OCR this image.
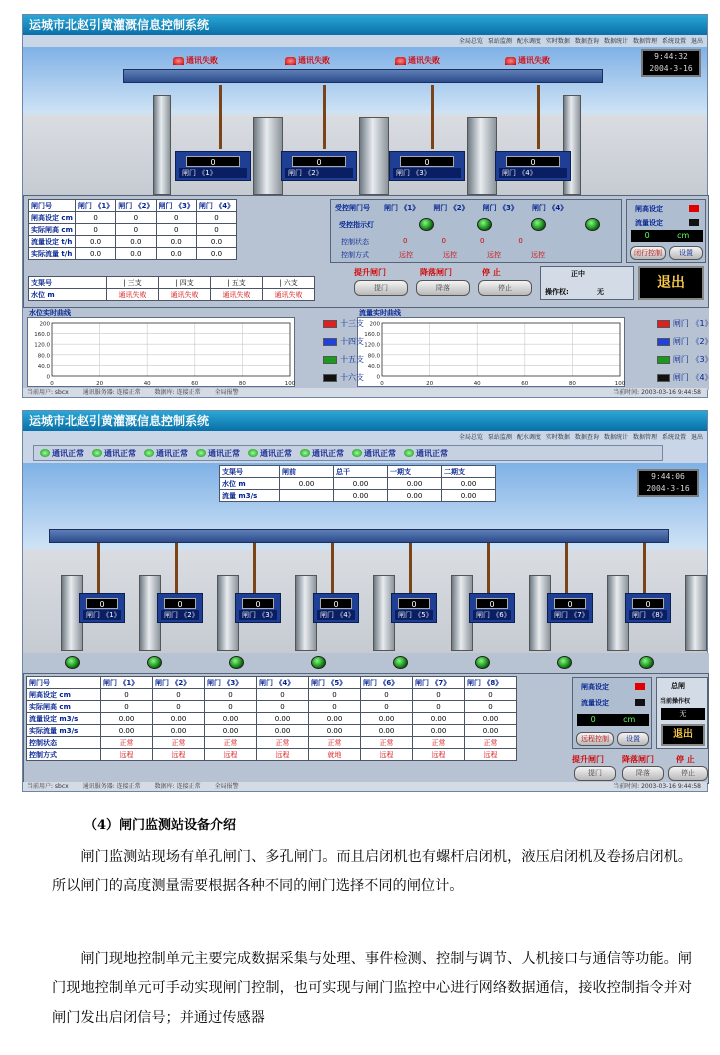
运城市北赵引黄灌溉信息控制系统
全局总览 泵站监测 配水调度 实时数据 数据查询 数据统计 数据管理 系统设置 退出
9:44:32
2004-3-16
通讯失败	通讯失败	通讯失败	通讯失败
0
闸门 《1》
0
闸门 《2》
0
闸门 《3》
0
闸门 《4》
闸门号	闸门 《1》	闸门 《2》	闸门 《3》	闸门 《4》
闸高设定 cm	0	0	0	0
实际闸高 cm	0	0	0	0
流量设定 t/h	0.0	0.0	0.0	0.0
实际流量 t/h	0.0	0.0	0.0	0.0
支渠号	| 三支	| 四支	| 五支	| 六支
水位 m	通讯失败	通讯失败	通讯失败	通讯失败
受控闸门号 闸门 《1》 闸门 《2》 闸门 《3》 闸门 《4》
受控指示灯
控制状态	0	0	0	0
控制方式	远控	远控	远控	远控
闸高设定
流量设定
0	cm
闭行控制	设置
提升闸门	降落闸门	停 止
提门	降落	停止
正中
操作权:	无
退出
水位实时曲线	流量实时曲线
200
160.0
120.0
80.0
40.0
0
0	20	40	60	80	100
200
160.0
120.0
80.0
40.0
0
0	20	40	60	80	100
十三支
十四支
十五支
十六支
闸门 《1》
闸门 《2》
闸门 《3》
闸门 《4》
当前用户: sbcx 通讯服务器: 连接正常 数据库: 连接正常 全局报警	当前时间: 2003-03-16 9:44:58
运城市北赵引黄灌溉信息控制系统
全局总览 泵站监测 配水调度 实时数据 数据查询 数据统计 数据管理 系统设置 退出
通讯正常	通讯正常	通讯正常	通讯正常	通讯正常	通讯正常	通讯正常	通讯正常
9:44:06
2004-3-16
支渠号	闸前	总干	一期支	二期支
水位 m	0.00	0.00	0.00	0.00
流量 m3/s		0.00	0.00	0.00
0
闸门 《1》
0
闸门 《2》
0
闸门 《3》
0
闸门 《4》
0
闸门 《5》
0
闸门 《6》
0
闸门 《7》
0
闸门 《8》
闸门号	闸门 《1》	闸门 《2》	闸门 《3》	闸门 《4》	闸门 《5》	闸门 《6》	闸门 《7》	闸门 《8》
闸高设定 cm	0	0	0	0	0	0	0	0
实际闸高 cm	0	0	0	0	0	0	0	0
流量设定 m3/s	0.00	0.00	0.00	0.00	0.00	0.00	0.00	0.00
实际流量 m3/s	0.00	0.00	0.00	0.00	0.00	0.00	0.00	0.00
控制状态	正常	正常	正常	正常	正常	正常	正常	正常
控制方式	远程	远程	远程	远程	就地	远程	远程	远程
闸高设定
流量设定
0	cm
远程控制	设置
总闸
当前操作权
无
退出
提升闸门 降落闸门	停 止
提门	降落	停止
当前用户: sbcx 通讯服务器: 连接正常 数据库: 连接正常 全局报警	当前时间: 2003-03-16 9:44:58
（4）闸门监测站设备介绍
闸门监测站现场有单孔闸门、多孔闸门。而且启闭机也有螺杆启闭机，液压启闭机及卷扬启闭机。所以闸门的高度测量需要根据各种不同的闸门选择不同的闸位计。
闸门现地控制单元主要完成数据采集与处理、事件检测、控制与调节、人机接口与通信等功能。闸门现地控制单元可手动实现闸门控制，也可实现与闸门监控中心进行网络数据通信，接收控制指令并对闸门发出启闭信号；并通过传感器
